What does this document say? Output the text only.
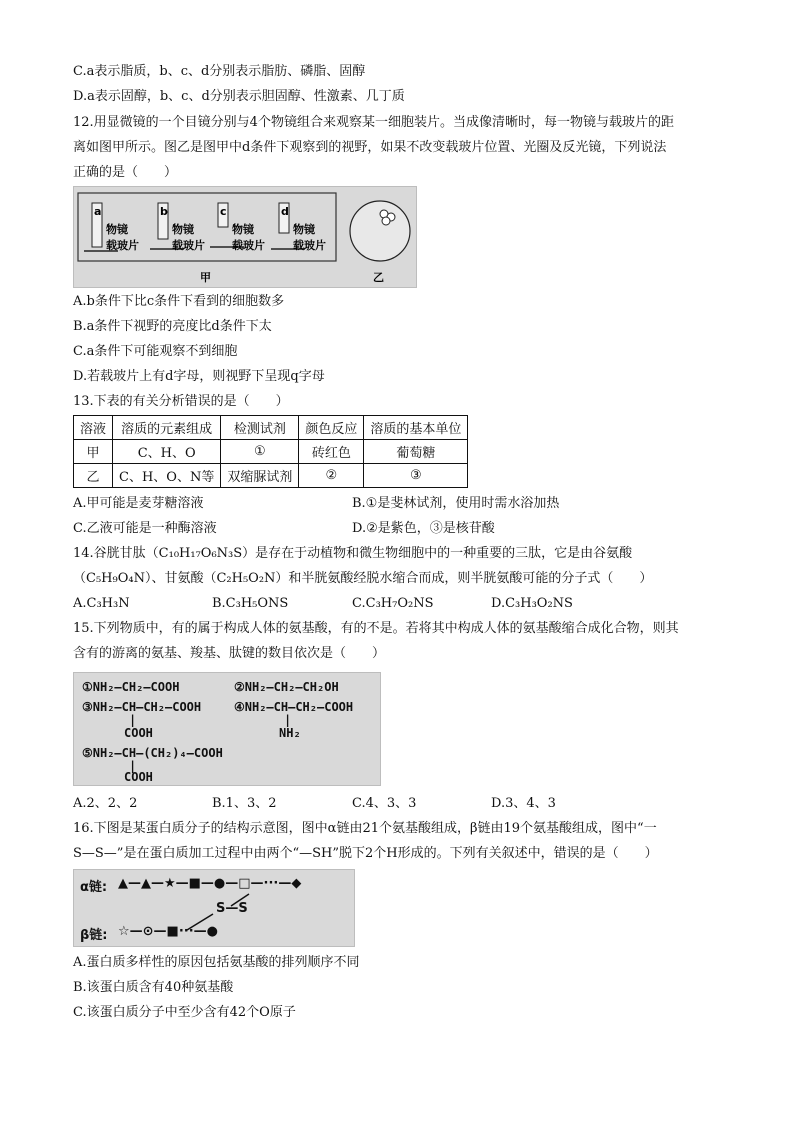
C.a表示脂质，b、c、d分别表示脂肪、磷脂、固醇
D.a表示固醇，b、c、d分别表示胆固醇、性激素、几丁质
12.用显微镜的一个目镜分别与4个物镜组合来观察某一细胞装片。当成像清晰时，每一物镜与载玻片的距
离如图甲所示。图乙是图甲中d条件下观察到的视野，如果不改变载玻片位置、光圈及反光镜，下列说法
正确的是（　　）
a	b	c	d
物镜
载玻片
物镜
载玻片
物镜
载玻片
物镜
载玻片
甲	乙
A.b条件下比c条件下看到的细胞数多
B.a条件下视野的亮度比d条件下太
C.a条件下可能观察不到细胞
D.若载玻片上有d字母，则视野下呈现q字母
13.下表的有关分析错误的是（　　）
溶液	溶质的元素组成	检测试剂	颜色反应	溶质的基本单位
甲	C、H、O	①	砖红色	葡萄糖
乙	C、H、O、N等	双缩脲试剂	②	③
A.甲可能是麦芽糖溶液	B.①是斐林试剂，使用时需水浴加热
C.乙液可能是一种酶溶液	D.②是紫色，③是核苷酸
14.谷胱甘肽（C₁₀H₁₇O₆N₃S）是存在于动植物和微生物细胞中的一种重要的三肽，它是由谷氨酸
（C₅H₉O₄N）、甘氨酸（C₂H₅O₂N）和半胱氨酸经脱水缩合而成，则半胱氨酸可能的分子式（　　）
A.C₃H₃N	B.C₃H₅ONS	C.C₃H₇O₂NS	D.C₃H₃O₂NS
15.下列物质中，有的属于构成人体的氨基酸，有的不是。若将其中构成人体的氨基酸缩合成化合物，则其
含有的游离的氨基、羧基、肽键的数目依次是（　　）
①NH₂—CH₂—COOH	②NH₂—CH₂—CH₂OH
③NH₂—CH—CH₂—COOH
|
COOH
④NH₂—CH—CH₂—COOH
|
NH₂
⑤NH₂—CH—(CH₂)₄—COOH
|
COOH
A.2、2、2	B.1、3、2	C.4、3、3	D.3、4、3
16.下图是某蛋白质分子的结构示意图，图中α链由21个氨基酸组成，β链由19个氨基酸组成，图中“一
S—S—”是在蛋白质加工过程中由两个“—SH”脱下2个H形成的。下列有关叙述中，错误的是（　　）
α链: ▲—▲—★—■—●—□—···—◆
S—S
β链: ☆—⊙—■···—●
A.蛋白质多样性的原因包括氨基酸的排列顺序不同
B.该蛋白质含有40种氨基酸
C.该蛋白质分子中至少含有42个O原子
